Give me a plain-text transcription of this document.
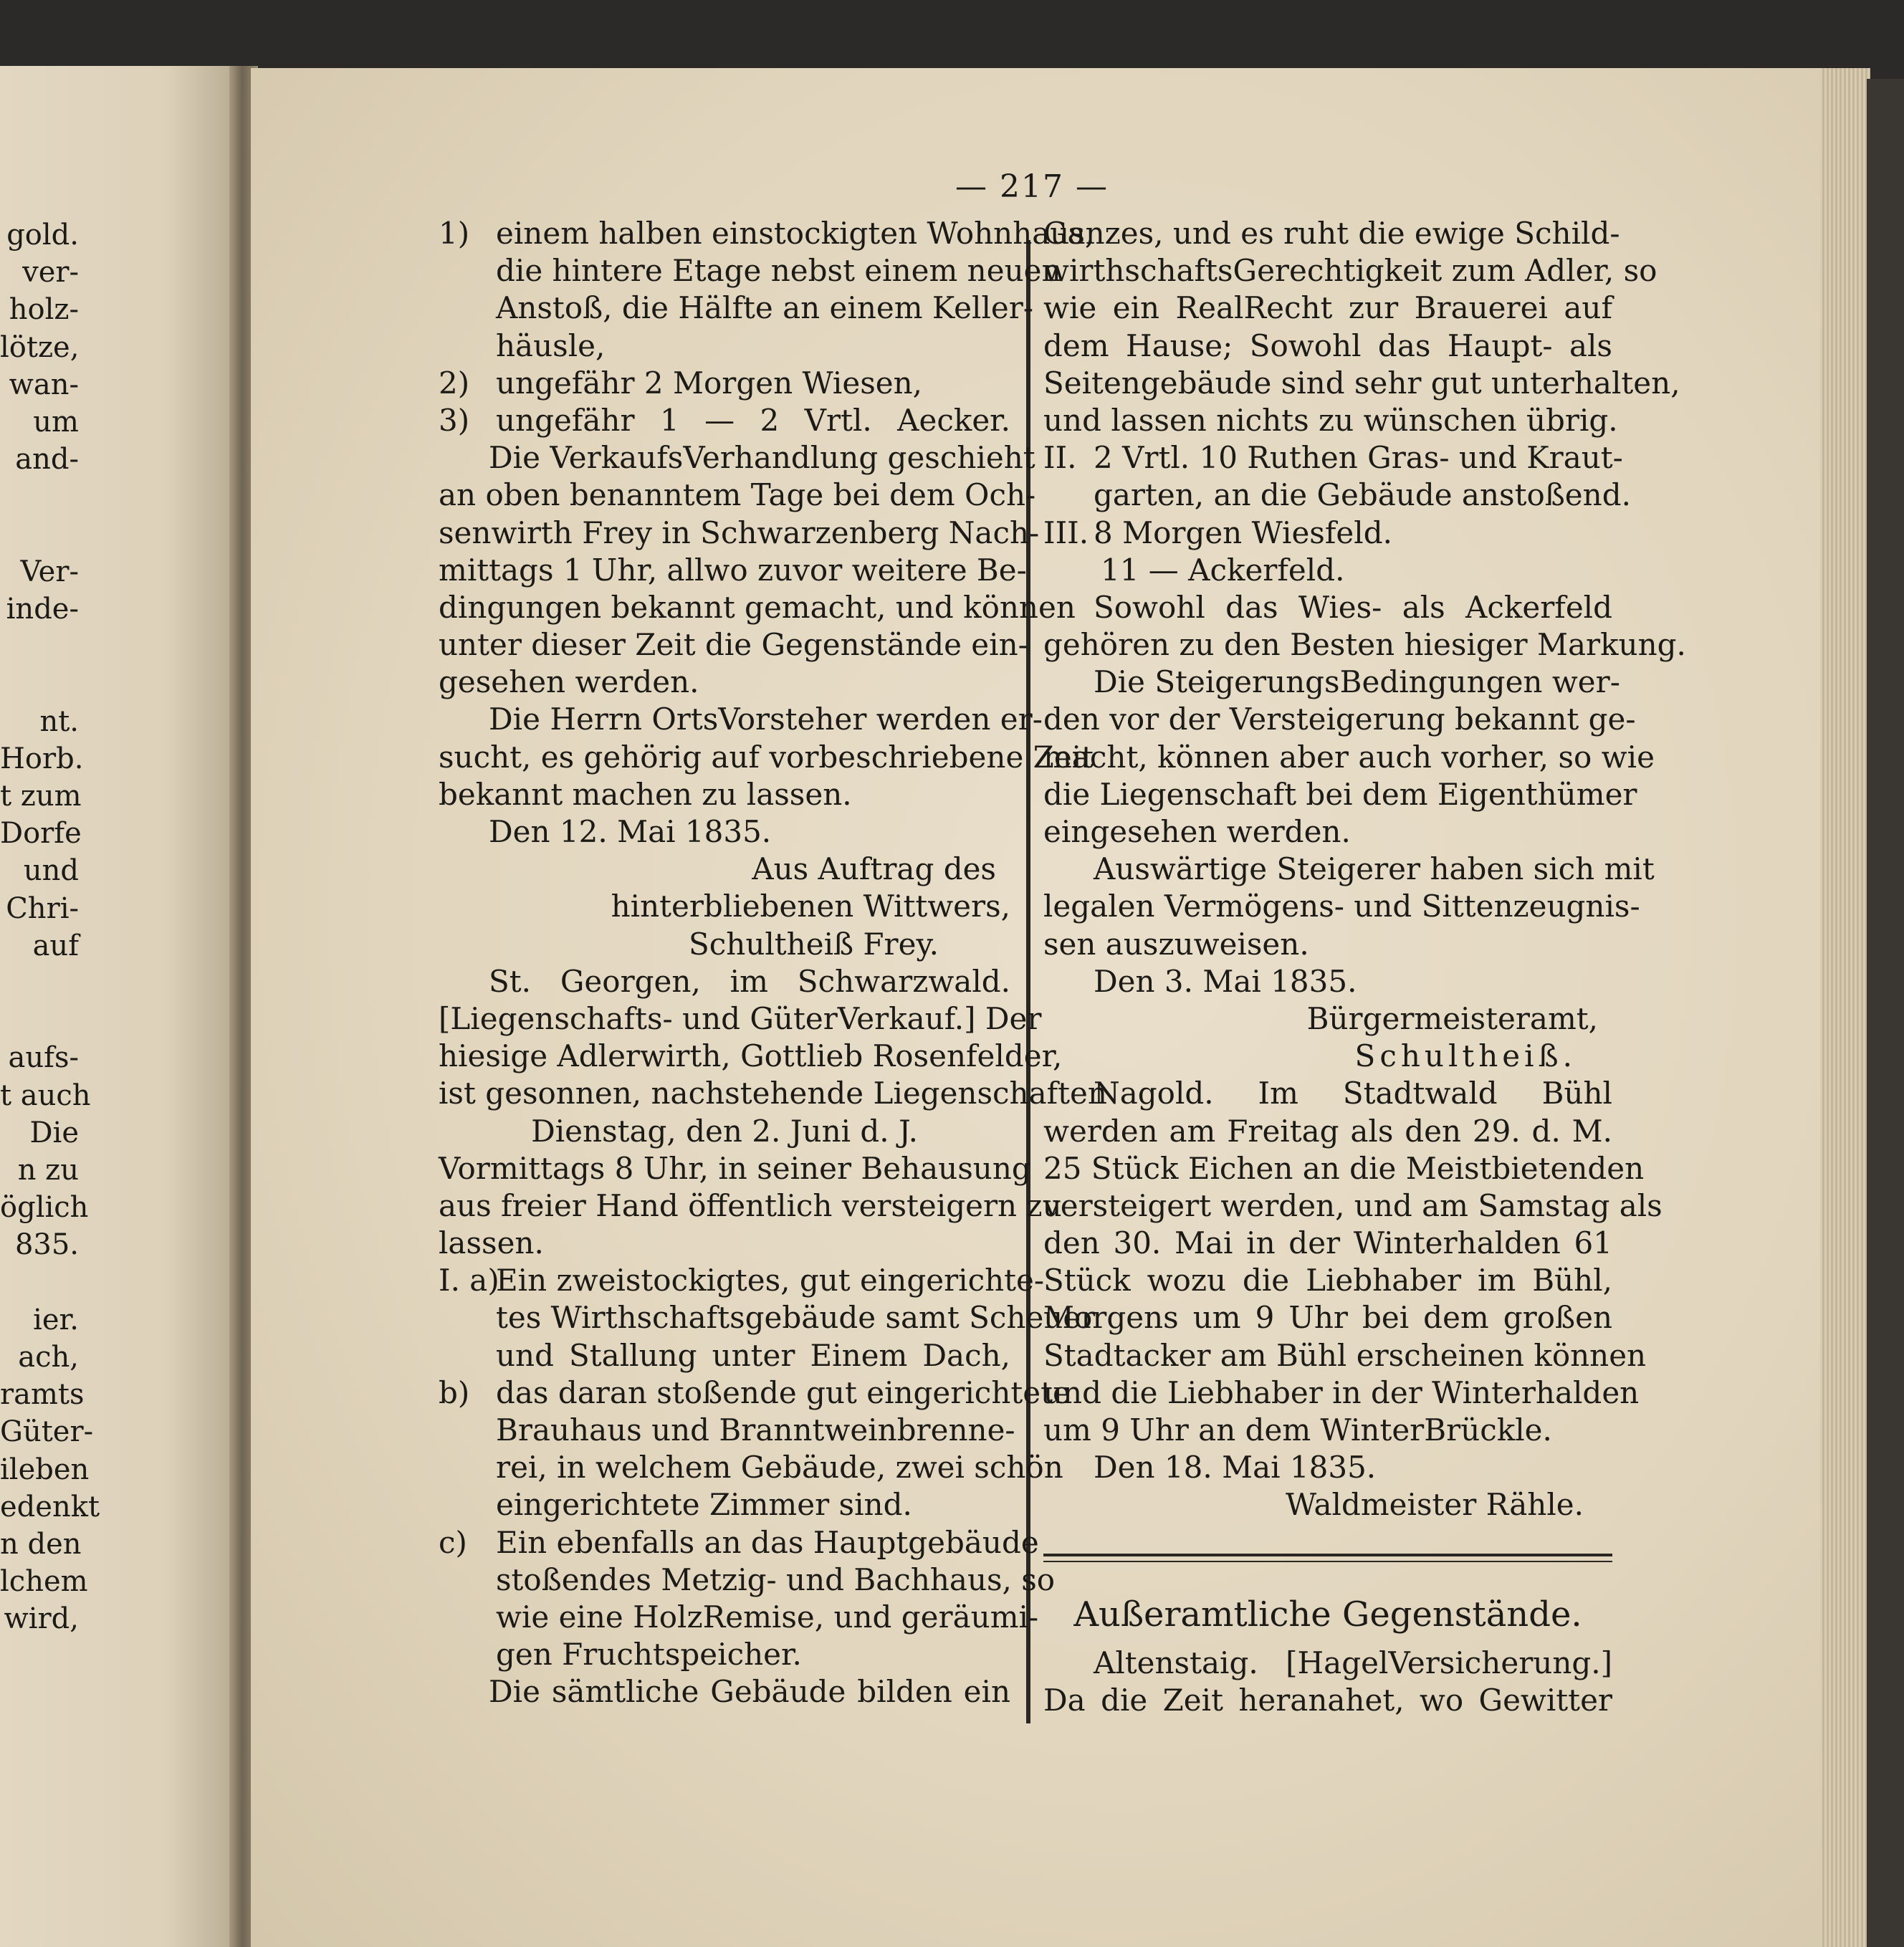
gold.
ver-
holz-
lötze,
wan-
um
and-
Ver-
inde-
nt.
Horb.
t zum
Dorfe
und
Chri-
auf
aufs-
t auch
Die
n zu
öglich
835.
ier.
ach,
ramts
Güter-
ileben
edenkt
n den
lchem
wird,
— 217 —
1) einem halben einstockigten Wohnhaus,
die hintere Etage nebst einem neuen
Anstoß, die Hälfte an einem Keller-
häusle,
2) ungefähr 2 Morgen Wiesen,
3) ungefähr 1 — 2 Vrtl. Aecker.
Die VerkaufsVerhandlung geschieht
an oben benanntem Tage bei dem Och-
senwirth Frey in Schwarzenberg Nach-
mittags 1 Uhr, allwo zuvor weitere Be-
dingungen bekannt gemacht, und können
unter dieser Zeit die Gegenstände ein-
gesehen werden.
Die Herrn OrtsVorsteher werden er-
sucht, es gehörig auf vorbeschriebene Zeit
bekannt machen zu lassen.
Den 12. Mai 1835.
Aus Auftrag des
hinterbliebenen Wittwers,
Schultheiß Frey.
St. Georgen, im Schwarzwald.
[Liegenschafts- und GüterVerkauf.] Der
hiesige Adlerwirth, Gottlieb Rosenfelder,
ist gesonnen, nachstehende Liegenschaften
Dienstag, den 2. Juni d. J.
Vormittags 8 Uhr, in seiner Behausung
aus freier Hand öffentlich versteigern zu
lassen.
I. a)Ein zweistockigtes, gut eingerichte-
tes Wirthschaftsgebäude samt Scheuer
und Stallung unter Einem Dach,
b) das daran stoßende gut eingerichtete
Brauhaus und Branntweinbrenne-
rei, in welchem Gebäude, zwei schön
eingerichtete Zimmer sind.
c) Ein ebenfalls an das Hauptgebäude
stoßendes Metzig- und Bachhaus, so
wie eine HolzRemise, und geräumi-
gen Fruchtspeicher.
Die sämtliche Gebäude bilden ein
Ganzes, und es ruht die ewige Schild-
wirthschaftsGerechtigkeit zum Adler, so
wie ein RealRecht zur Brauerei auf
dem Hause; Sowohl das Haupt- als
Seitengebäude sind sehr gut unterhalten,
und lassen nichts zu wünschen übrig.
II. 2 Vrtl. 10 Ruthen Gras- und Kraut-
garten, an die Gebäude anstoßend.
III. 8 Morgen Wiesfeld.
11 — Ackerfeld.
Sowohl das Wies- als Ackerfeld
gehören zu den Besten hiesiger Markung.
Die SteigerungsBedingungen wer-
den vor der Versteigerung bekannt ge-
macht, können aber auch vorher, so wie
die Liegenschaft bei dem Eigenthümer
eingesehen werden.
Auswärtige Steigerer haben sich mit
legalen Vermögens- und Sittenzeugnis-
sen auszuweisen.
Den 3. Mai 1835.
Bürgermeisteramt,
Schultheiß.
Nagold. Im Stadtwald Bühl
werden am Freitag als den 29. d. M.
25 Stück Eichen an die Meistbietenden
versteigert werden, und am Samstag als
den 30. Mai in der Winterhalden 61
Stück wozu die Liebhaber im Bühl,
Morgens um 9 Uhr bei dem großen
Stadtacker am Bühl erscheinen können
und die Liebhaber in der Winterhalden
um 9 Uhr an dem WinterBrückle.
Den 18. Mai 1835.
Waldmeister Rähle.
Außeramtliche Gegenstände.
Altenstaig. [HagelVersicherung.]
Da die Zeit heranahet, wo Gewitter
